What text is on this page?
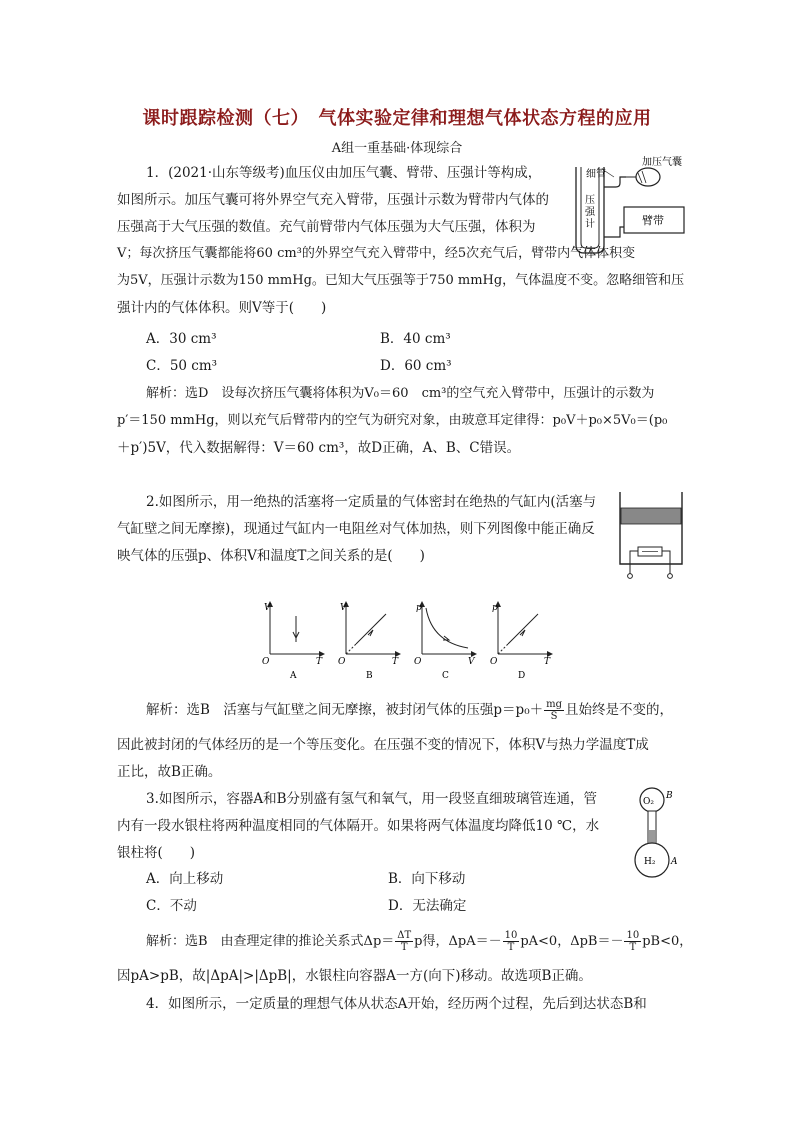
课时跟踪检测（七）　气体实验定律和理想气体状态方程的应用
A组一重基础·体现综合
1．(2021·山东等级考)血压仪由加压气囊、臂带、压强计等构成，
如图所示。加压气囊可将外界空气充入臂带，压强计示数为臂带内气体的
压强高于大气压强的数值。充气前臂带内气体压强为大气压强，体积为
V；每次挤压气囊都能将60 cm³的外界空气充入臂带中，经5次充气后，臂带内气体体积变
为5V，压强计示数为150 mmHg。已知大气压强等于750 mmHg，气体温度不变。忽略细管和压
强计内的气体体积。则V等于(　　)
A．30 cm³	B．40 cm³
C．50 cm³	D．60 cm³
解析：选D　设每次挤压气囊将体积为V₀＝60　cm³的空气充入臂带中，压强计的示数为
p′＝150 mmHg，则以充气后臂带内的空气为研究对象，由玻意耳定律得：p₀V＋p₀×5V₀＝(p₀
＋p′)5V，代入数据解得：V＝60 cm³，故D正确，A、B、C错误。
细管
加压气囊
压
强
计	臂带
2.如图所示，用一绝热的活塞将一定质量的气体密封在绝热的气缸内(活塞与
气缸壁之间无摩擦)，现通过气缸内一电阻丝对气体加热，则下列图像中能正确反
映气体的压强p、体积V和温度T之间关系的是(　　)
V
T
O
A
V
T
O
B
p
V
O
C
p
T
O
D
解析：选B　活塞与气缸壁之间无摩擦，被封闭气体的压强$p=p_0+ \frac{mg}{S}$ 且始终是不变的，
因此被封闭的气体经历的是一个等压变化。在压强不变的情况下，体积V与热力学温度T成
正比，故B正确。
3.如图所示，容器A和B分别盛有氢气和氧气，用一段竖直细玻璃管连通，管
内有一段水银柱将两种温度相同的气体隔开。如果将两气体温度均降低10 ℃，水
银柱将(　　)
O₂
B
H₂ A
A．向上移动	B．向下移动
C．不动	D．无法确定
解析：选B　由查理定律的推论关系式$\Delta p= \frac{\Delta T}{T}$ p得，$\Delta pA=- \frac{10}{T} pA<0$，$\Delta pB=- \frac{10}{T} pB<0$，
因pA>pB，故|ΔpA|>|ΔpB|，水银柱向容器A一方(向下)移动。故选项B正确。
4．如图所示，一定质量的理想气体从状态A开始，经历两个过程，先后到达状态B和
